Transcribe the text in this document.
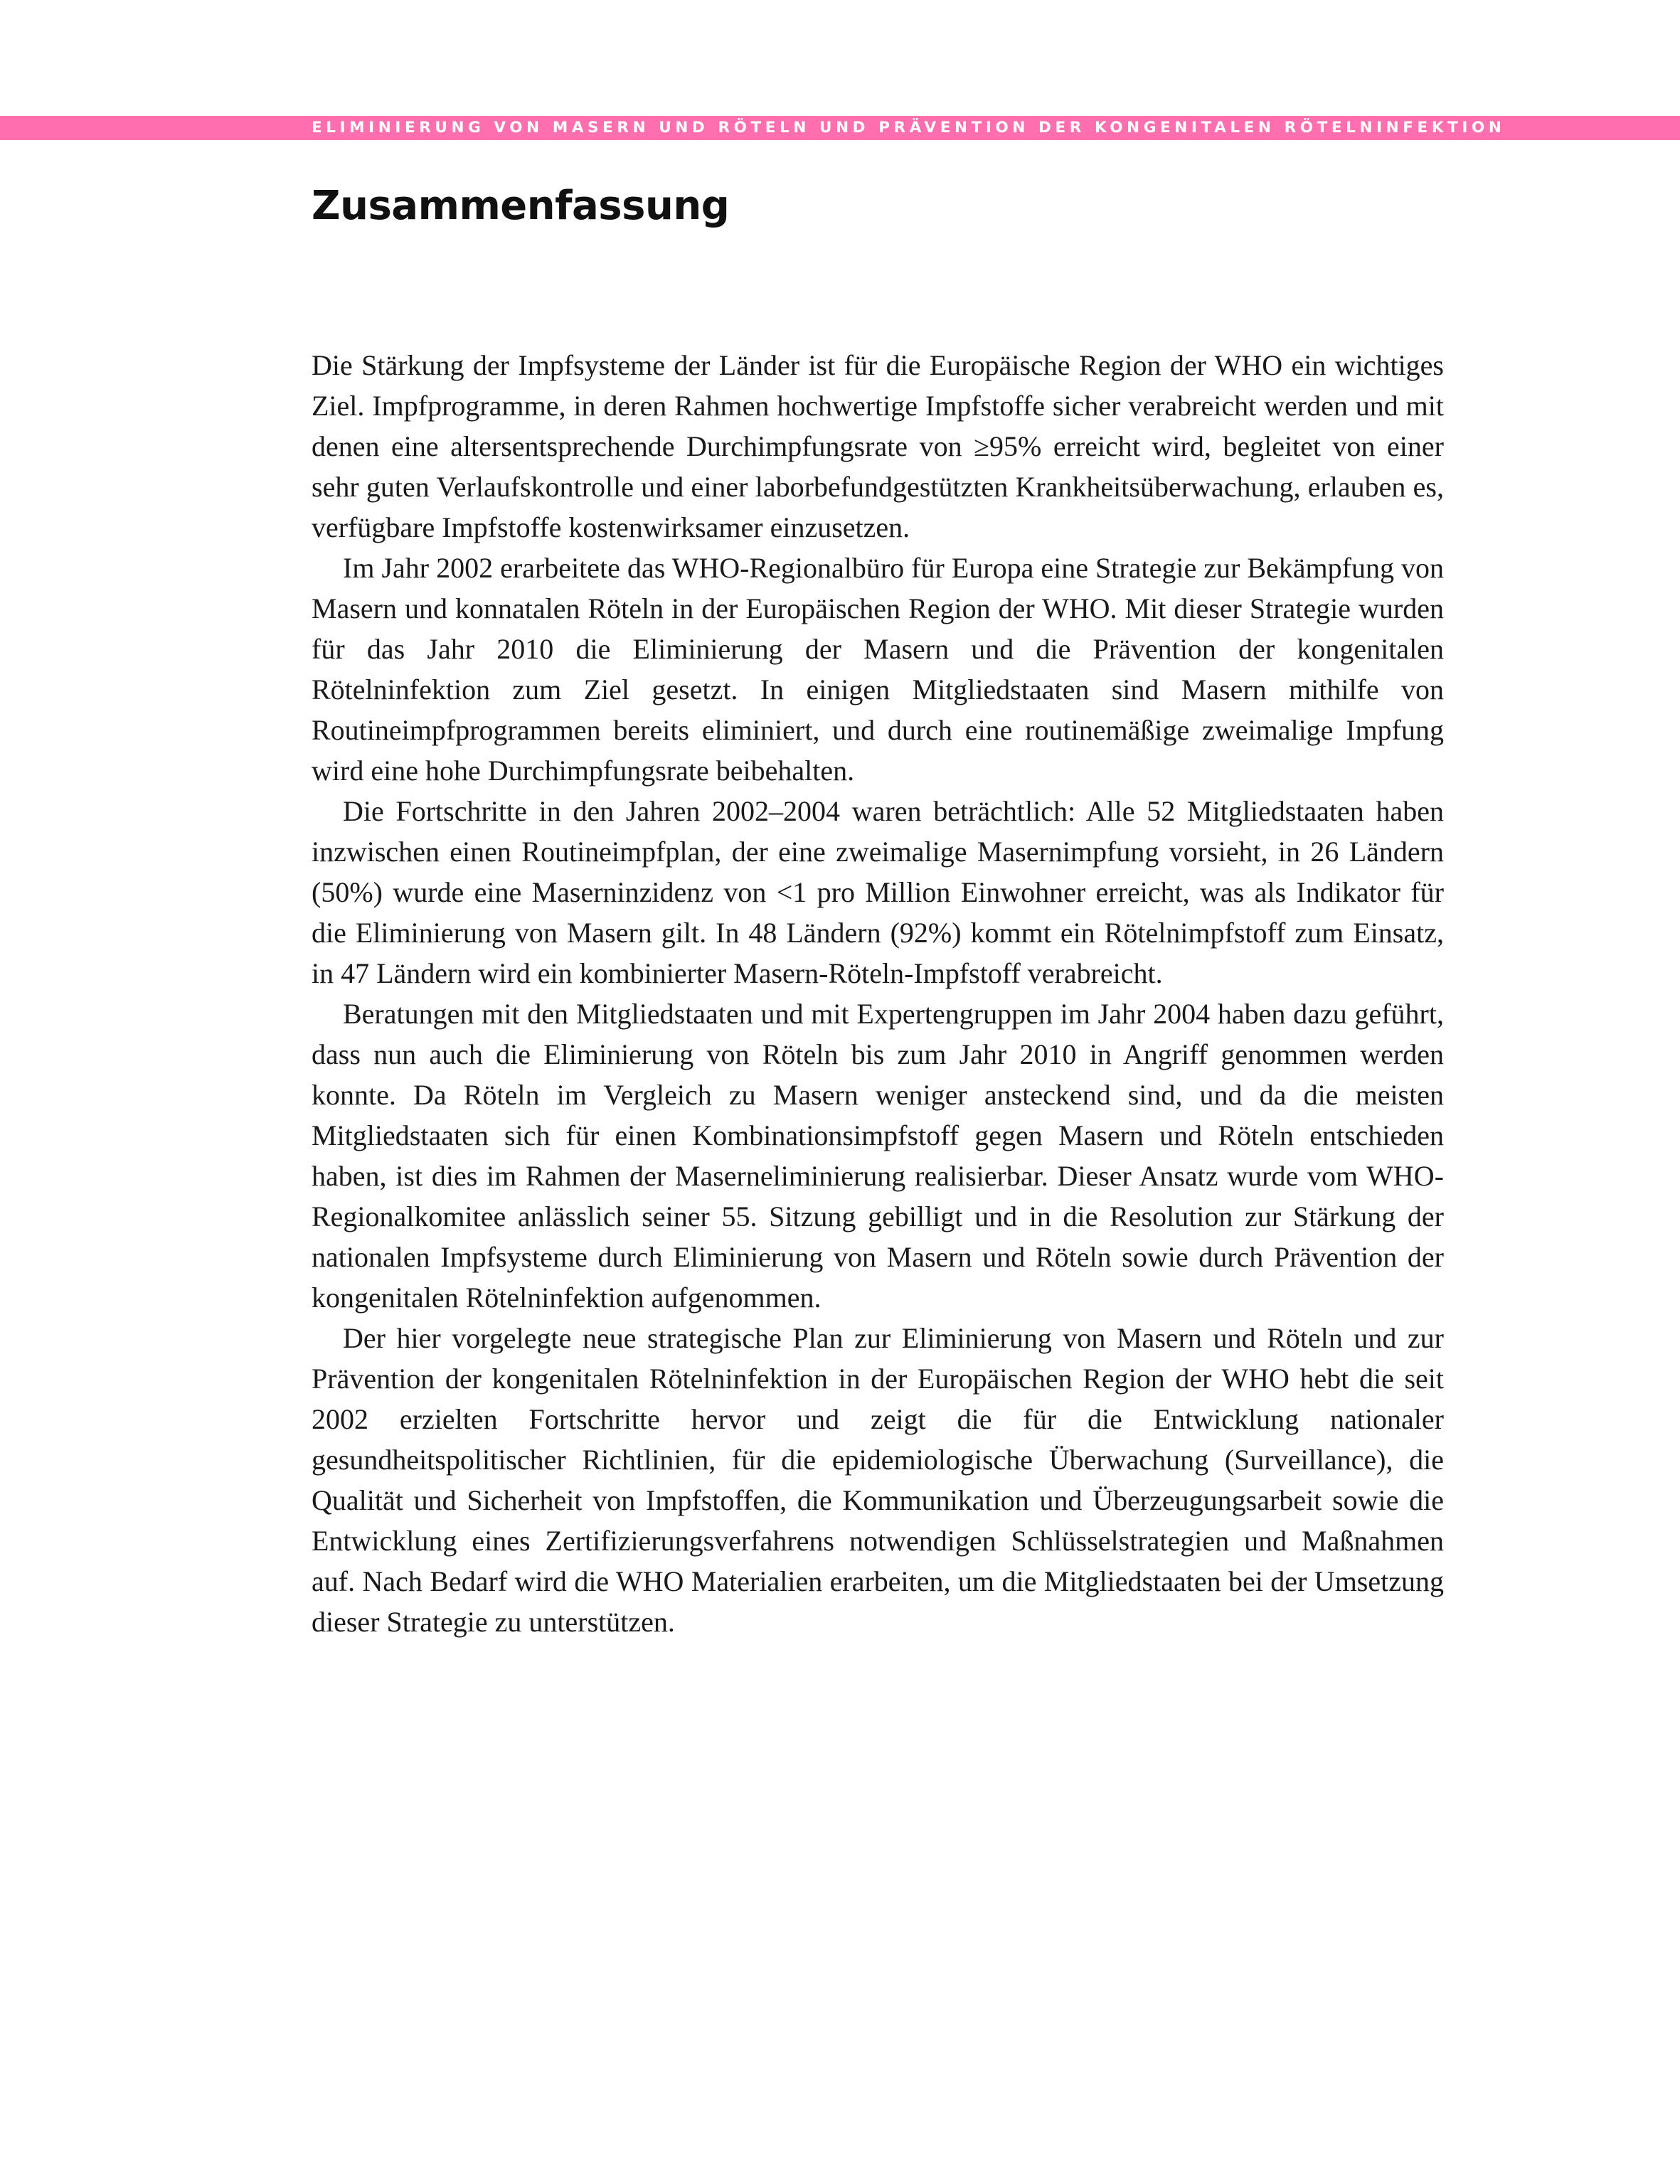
ELIMINIERUNG VON MASERN UND RÖTELN UND PRÄVENTION DER KONGENITALEN RÖTELNINFEKTION
Zusammenfassung

Die Stärkung der Impfsysteme der Länder ist für die Europäische Region der WHO ein wichtiges Ziel. Impfprogramme, in deren Rahmen hochwertige Impfstoffe sicher verabreicht werden und mit denen eine altersentsprechende Durchimpfungsrate von ≥95% erreicht wird, begleitet von einer sehr guten Verlaufskontrolle und einer laborbefundgestützten Krankheitsüberwachung, erlauben es, verfügbare Impfstoffe kostenwirksamer einzusetzen.

Im Jahr 2002 erarbeitete das WHO-Regionalbüro für Europa eine Strategie zur Bekämpfung von Masern und konnatalen Röteln in der Europäischen Region der WHO. Mit dieser Strategie wurden für das Jahr 2010 die Eliminierung der Masern und die Prävention der kongenitalen Rötelninfektion zum Ziel gesetzt. In einigen Mitgliedstaaten sind Masern mithilfe von Routineimpfprogrammen bereits eliminiert, und durch eine routinemäßige zweimalige Impfung wird eine hohe Durchimpfungsrate beibehalten.

Die Fortschritte in den Jahren 2002–2004 waren beträchtlich: Alle 52 Mitgliedstaaten haben inzwischen einen Routineimpfplan, der eine zweimalige Masernimpfung vorsieht, in 26 Ländern (50%) wurde eine Maserninzidenz von <1 pro Million Einwohner erreicht, was als Indikator für die Eliminierung von Masern gilt. In 48 Ländern (92%) kommt ein Rötelnimpfstoff zum Einsatz, in 47 Ländern wird ein kombinierter Masern-Röteln-Impfstoff verabreicht.

Beratungen mit den Mitgliedstaaten und mit Expertengruppen im Jahr 2004 haben dazu geführt, dass nun auch die Eliminierung von Röteln bis zum Jahr 2010 in Angriff genommen werden konnte. Da Röteln im Vergleich zu Masern weniger ansteckend sind, und da die meisten Mitgliedstaaten sich für einen Kombinationsimpfstoff gegen Masern und Röteln entschieden haben, ist dies im Rahmen der Maserneliminierung realisierbar. Dieser Ansatz wurde vom WHO-Regionalkomitee anlässlich seiner 55. Sitzung gebilligt und in die Resolution zur Stärkung der nationalen Impfsysteme durch Eliminierung von Masern und Röteln sowie durch Prävention der kongenitalen Rötelninfektion aufgenommen.

Der hier vorgelegte neue strategische Plan zur Eliminierung von Masern und Röteln und zur Prävention der kongenitalen Rötelninfektion in der Europäischen Region der WHO hebt die seit 2002 erzielten Fortschritte hervor und zeigt die für die Entwicklung nationaler gesundheitspolitischer Richtlinien, für die epidemiologische Überwachung (Surveillance), die Qualität und Sicherheit von Impfstoffen, die Kommunikation und Überzeugungsarbeit sowie die Entwicklung eines Zertifizierungsverfahrens notwendigen Schlüsselstrategien und Maßnahmen auf. Nach Bedarf wird die WHO Materialien erarbeiten, um die Mitgliedstaaten bei der Umsetzung dieser Strategie zu unterstützen.
